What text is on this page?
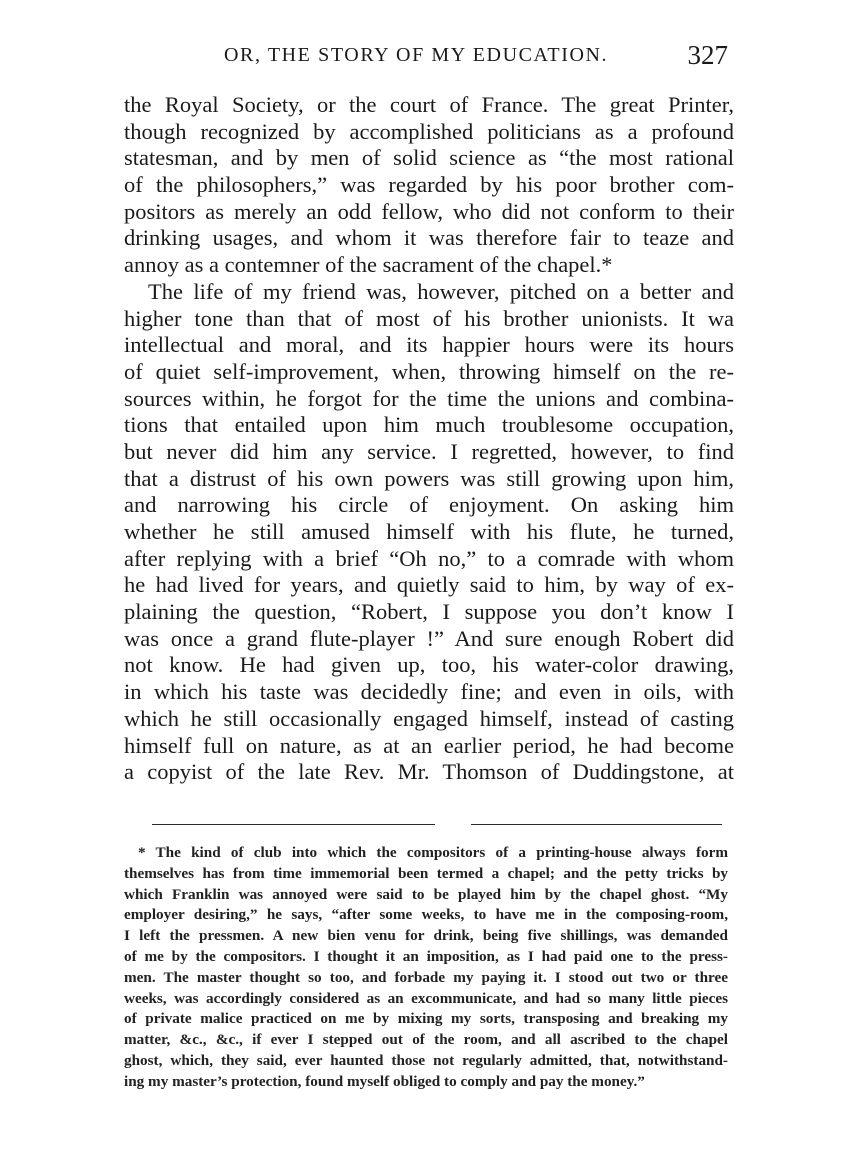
OR, THE STORY OF MY EDUCATION.	327
the Royal Society, or the court of France. The great Printer,
though recognized by accomplished politicians as a profound
statesman, and by men of solid science as “the most rational
of the philosophers,” was regarded by his poor brother com-
positors as merely an odd fellow, who did not conform to their
drinking usages, and whom it was therefore fair to teaze and
annoy as a contemner of the sacrament of the chapel.*
The life of my friend was, however, pitched on a better and
higher tone than that of most of his brother unionists. It wa
intellectual and moral, and its happier hours were its hours
of quiet self-improvement, when, throwing himself on the re-
sources within, he forgot for the time the unions and combina-
tions that entailed upon him much troublesome occupation,
but never did him any service. I regretted, however, to find
that a distrust of his own powers was still growing upon him,
and narrowing his circle of enjoyment. On asking him
whether he still amused himself with his flute, he turned,
after replying with a brief “Oh no,” to a comrade with whom
he had lived for years, and quietly said to him, by way of ex-
plaining the question, “Robert, I suppose you don’t know I
was once a grand flute-player !” And sure enough Robert did
not know. He had given up, too, his water-color drawing,
in which his taste was decidedly fine; and even in oils, with
which he still occasionally engaged himself, instead of casting
himself full on nature, as at an earlier period, he had become
a copyist of the late Rev. Mr. Thomson of Duddingstone, at
* The kind of club into which the compositors of a printing-house always form
themselves has from time immemorial been termed a chapel; and the petty tricks by
which Franklin was annoyed were said to be played him by the chapel ghost. “My
employer desiring,” he says, “after some weeks, to have me in the composing-room,
I left the pressmen. A new bien venu for drink, being five shillings, was demanded
of me by the compositors. I thought it an imposition, as I had paid one to the press-
men. The master thought so too, and forbade my paying it. I stood out two or three
weeks, was accordingly considered as an excommunicate, and had so many little pieces
of private malice practiced on me by mixing my sorts, transposing and breaking my
matter, &c., &c., if ever I stepped out of the room, and all ascribed to the chapel
ghost, which, they said, ever haunted those not regularly admitted, that, notwithstand-
ing my master’s protection, found myself obliged to comply and pay the money.”
